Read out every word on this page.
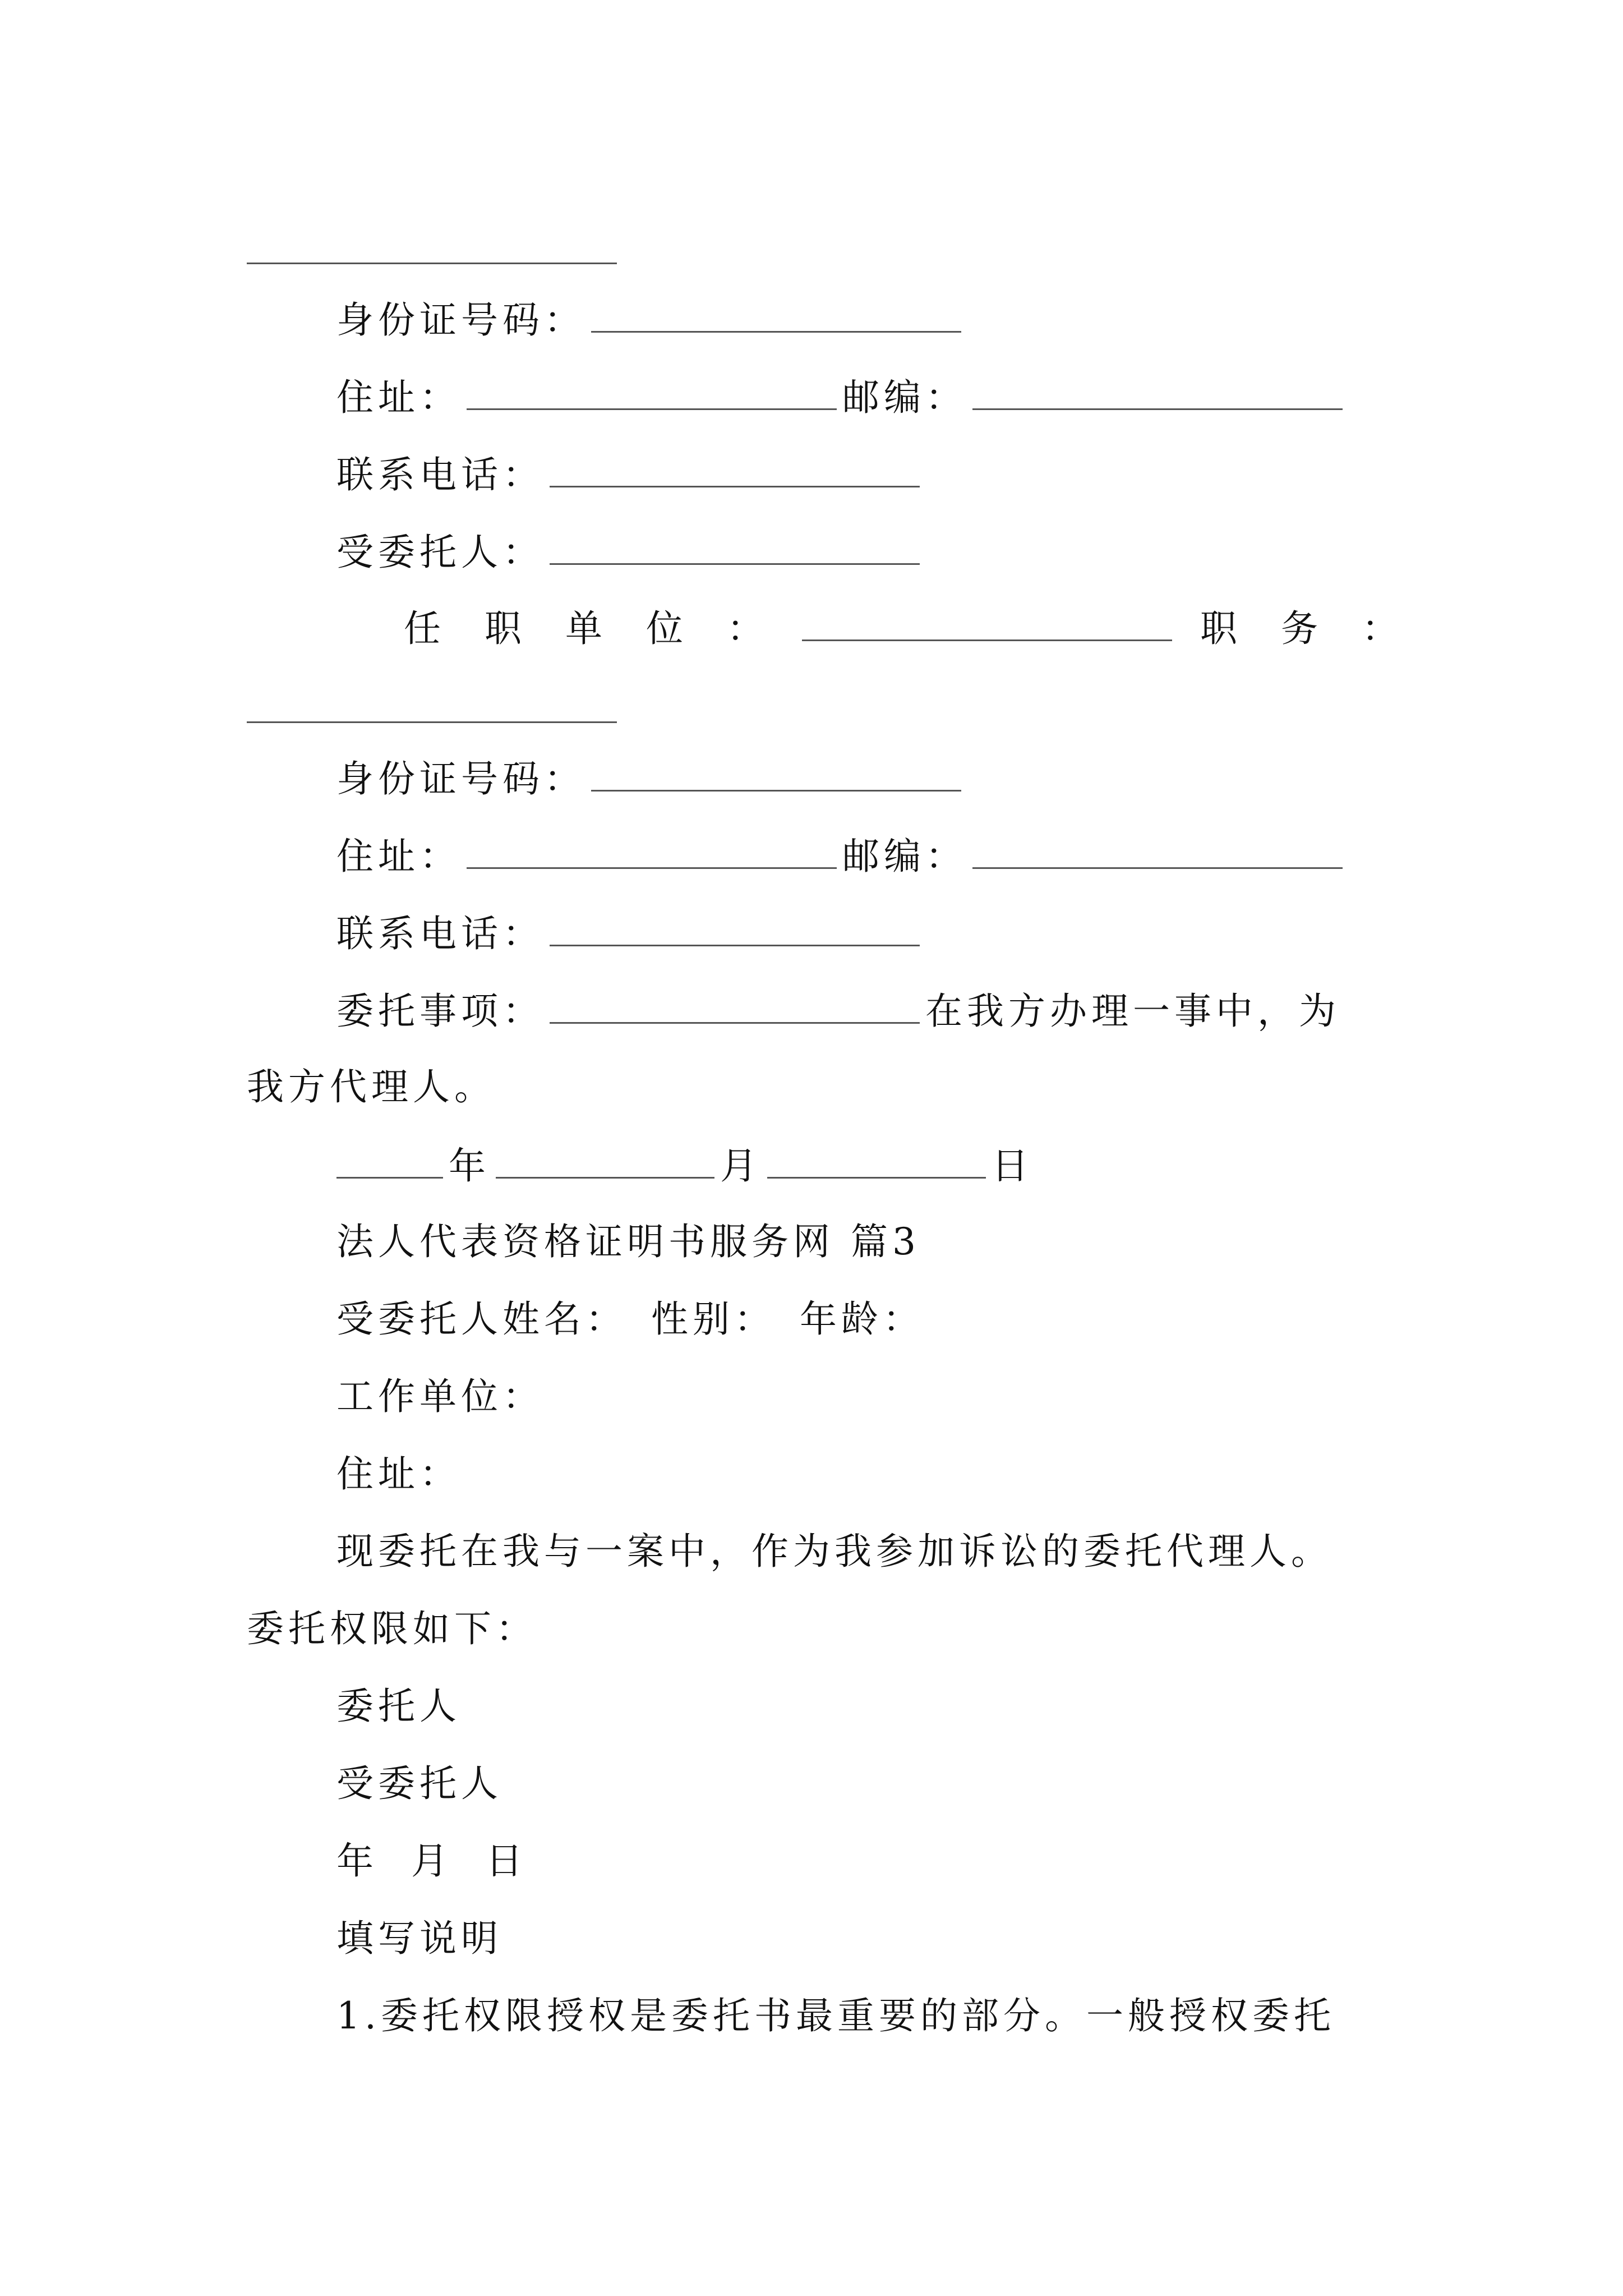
身份证号码：
住址：	邮编：
联系电话：
受委托人：
任 职 单 位 ：	职 务 ：
身份证号码：
住址：	邮编：
联系电话：
委托事项：	在我方办理一事中，为
我方代理人。
年	月	日
法人代表资格证明书服务网 篇3
受委托人姓名： 性别： 年龄：
工作单位：
住址：
现委托在我与一案中，作为我参加诉讼的委托代理人。
委托权限如下：
委托人
受委托人
年 月 日
填写说明
1.委托权限授权是委托书最重要的部分。一般授权委托
